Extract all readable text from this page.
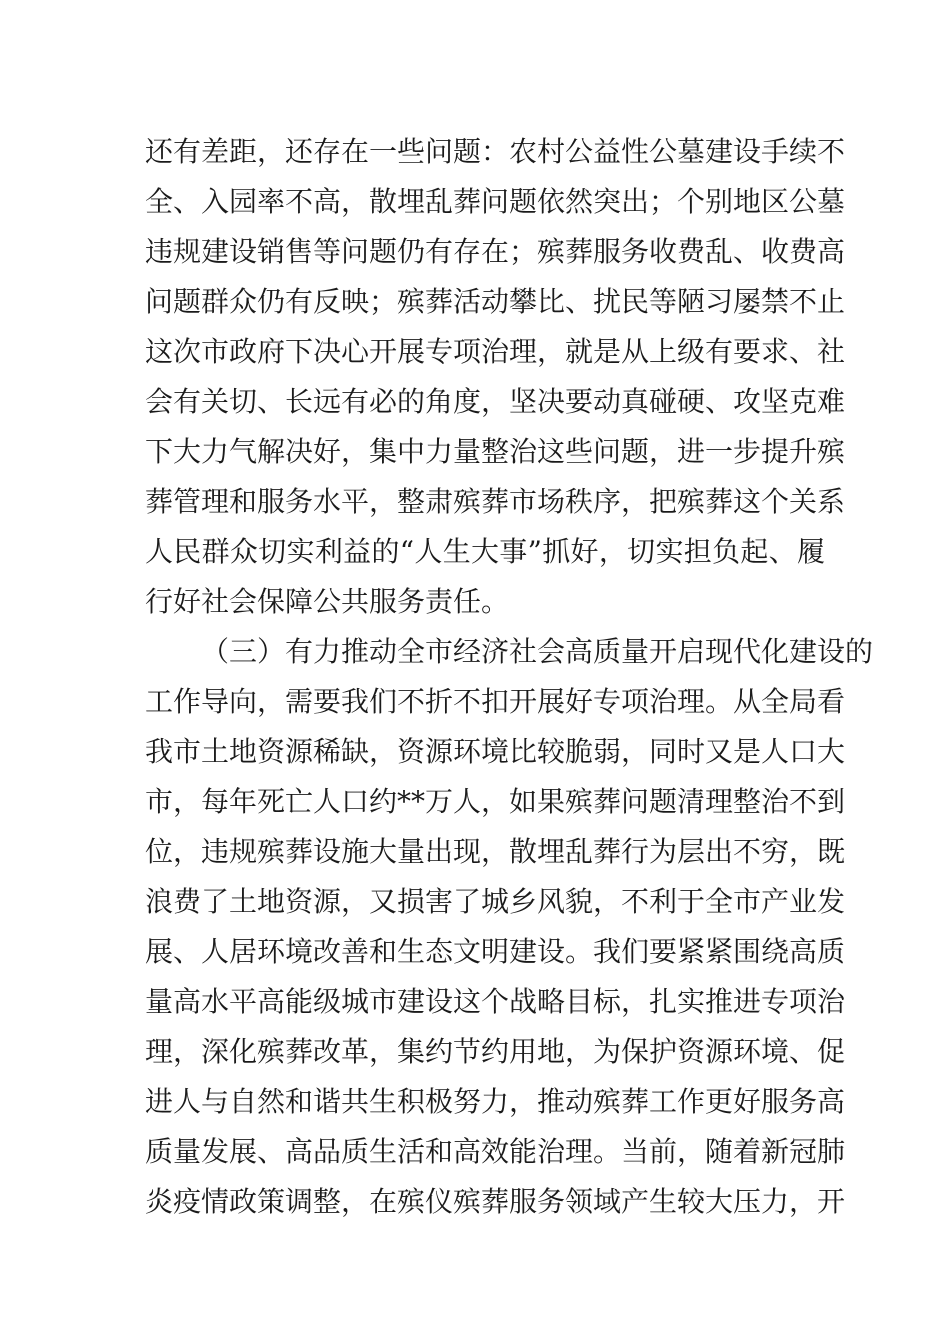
还有差距，还存在一些问题：农村公益性公墓建设手续不
全、入园率不高，散埋乱葬问题依然突出；个别地区公墓
违规建设销售等问题仍有存在；殡葬服务收费乱、收费高
问题群众仍有反映；殡葬活动攀比、扰民等陋习屡禁不止
这次市政府下决心开展专项治理，就是从上级有要求、社
会有关切、长远有必的角度，坚决要动真碰硬、攻坚克难
下大力气解决好，集中力量整治这些问题，进一步提升殡
葬管理和服务水平，整肃殡葬市场秩序，把殡葬这个关系
人民群众切实利益的“人生大事”抓好，切实担负起、履
行好社会保障公共服务责任。
（三）有力推动全市经济社会高质量开启现代化建设的
工作导向，需要我们不折不扣开展好专项治理。从全局看
我市土地资源稀缺，资源环境比较脆弱，同时又是人口大
市，每年死亡人口约**万人，如果殡葬问题清理整治不到
位，违规殡葬设施大量出现，散埋乱葬行为层出不穷，既
浪费了土地资源，又损害了城乡风貌，不利于全市产业发
展、人居环境改善和生态文明建设。我们要紧紧围绕高质
量高水平高能级城市建设这个战略目标，扎实推进专项治
理，深化殡葬改革，集约节约用地，为保护资源环境、促
进人与自然和谐共生积极努力，推动殡葬工作更好服务高
质量发展、高品质生活和高效能治理。当前，随着新冠肺
炎疫情政策调整，在殡仪殡葬服务领域产生较大压力，开
